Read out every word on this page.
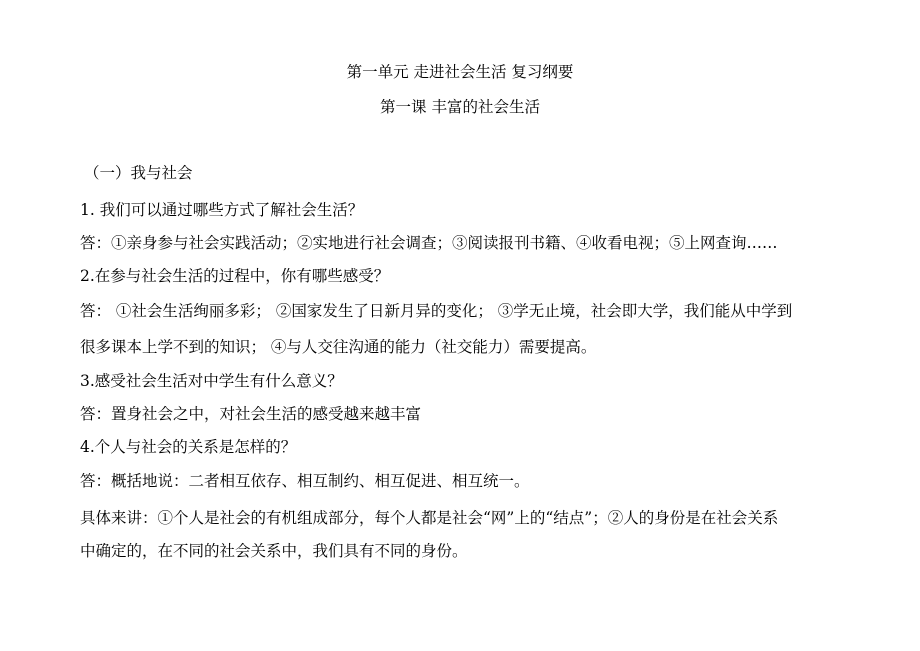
第一单元 走进社会生活 复习纲要
第一课 丰富的社会生活
（一）我与社会
1. 我们可以通过哪些方式了解社会生活？
答：①亲身参与社会实践活动；②实地进行社会调查；③阅读报刊书籍、④收看电视；⑤上网查询……
2.在参与社会生活的过程中，你有哪些感受？
答： ①社会生活绚丽多彩； ②国家发生了日新月异的变化； ③学无止境，社会即大学，我们能从中学到
很多课本上学不到的知识； ④与人交往沟通的能力（社交能力）需要提高。
3.感受社会生活对中学生有什么意义？
答：置身社会之中，对社会生活的感受越来越丰富
4.个人与社会的关系是怎样的？
答：概括地说：二者相互依存、相互制约、相互促进、相互统一。
具体来讲：①个人是社会的有机组成部分，每个人都是社会“网”上的“结点”；②人的身份是在社会关系
中确定的，在不同的社会关系中，我们具有不同的身份。
